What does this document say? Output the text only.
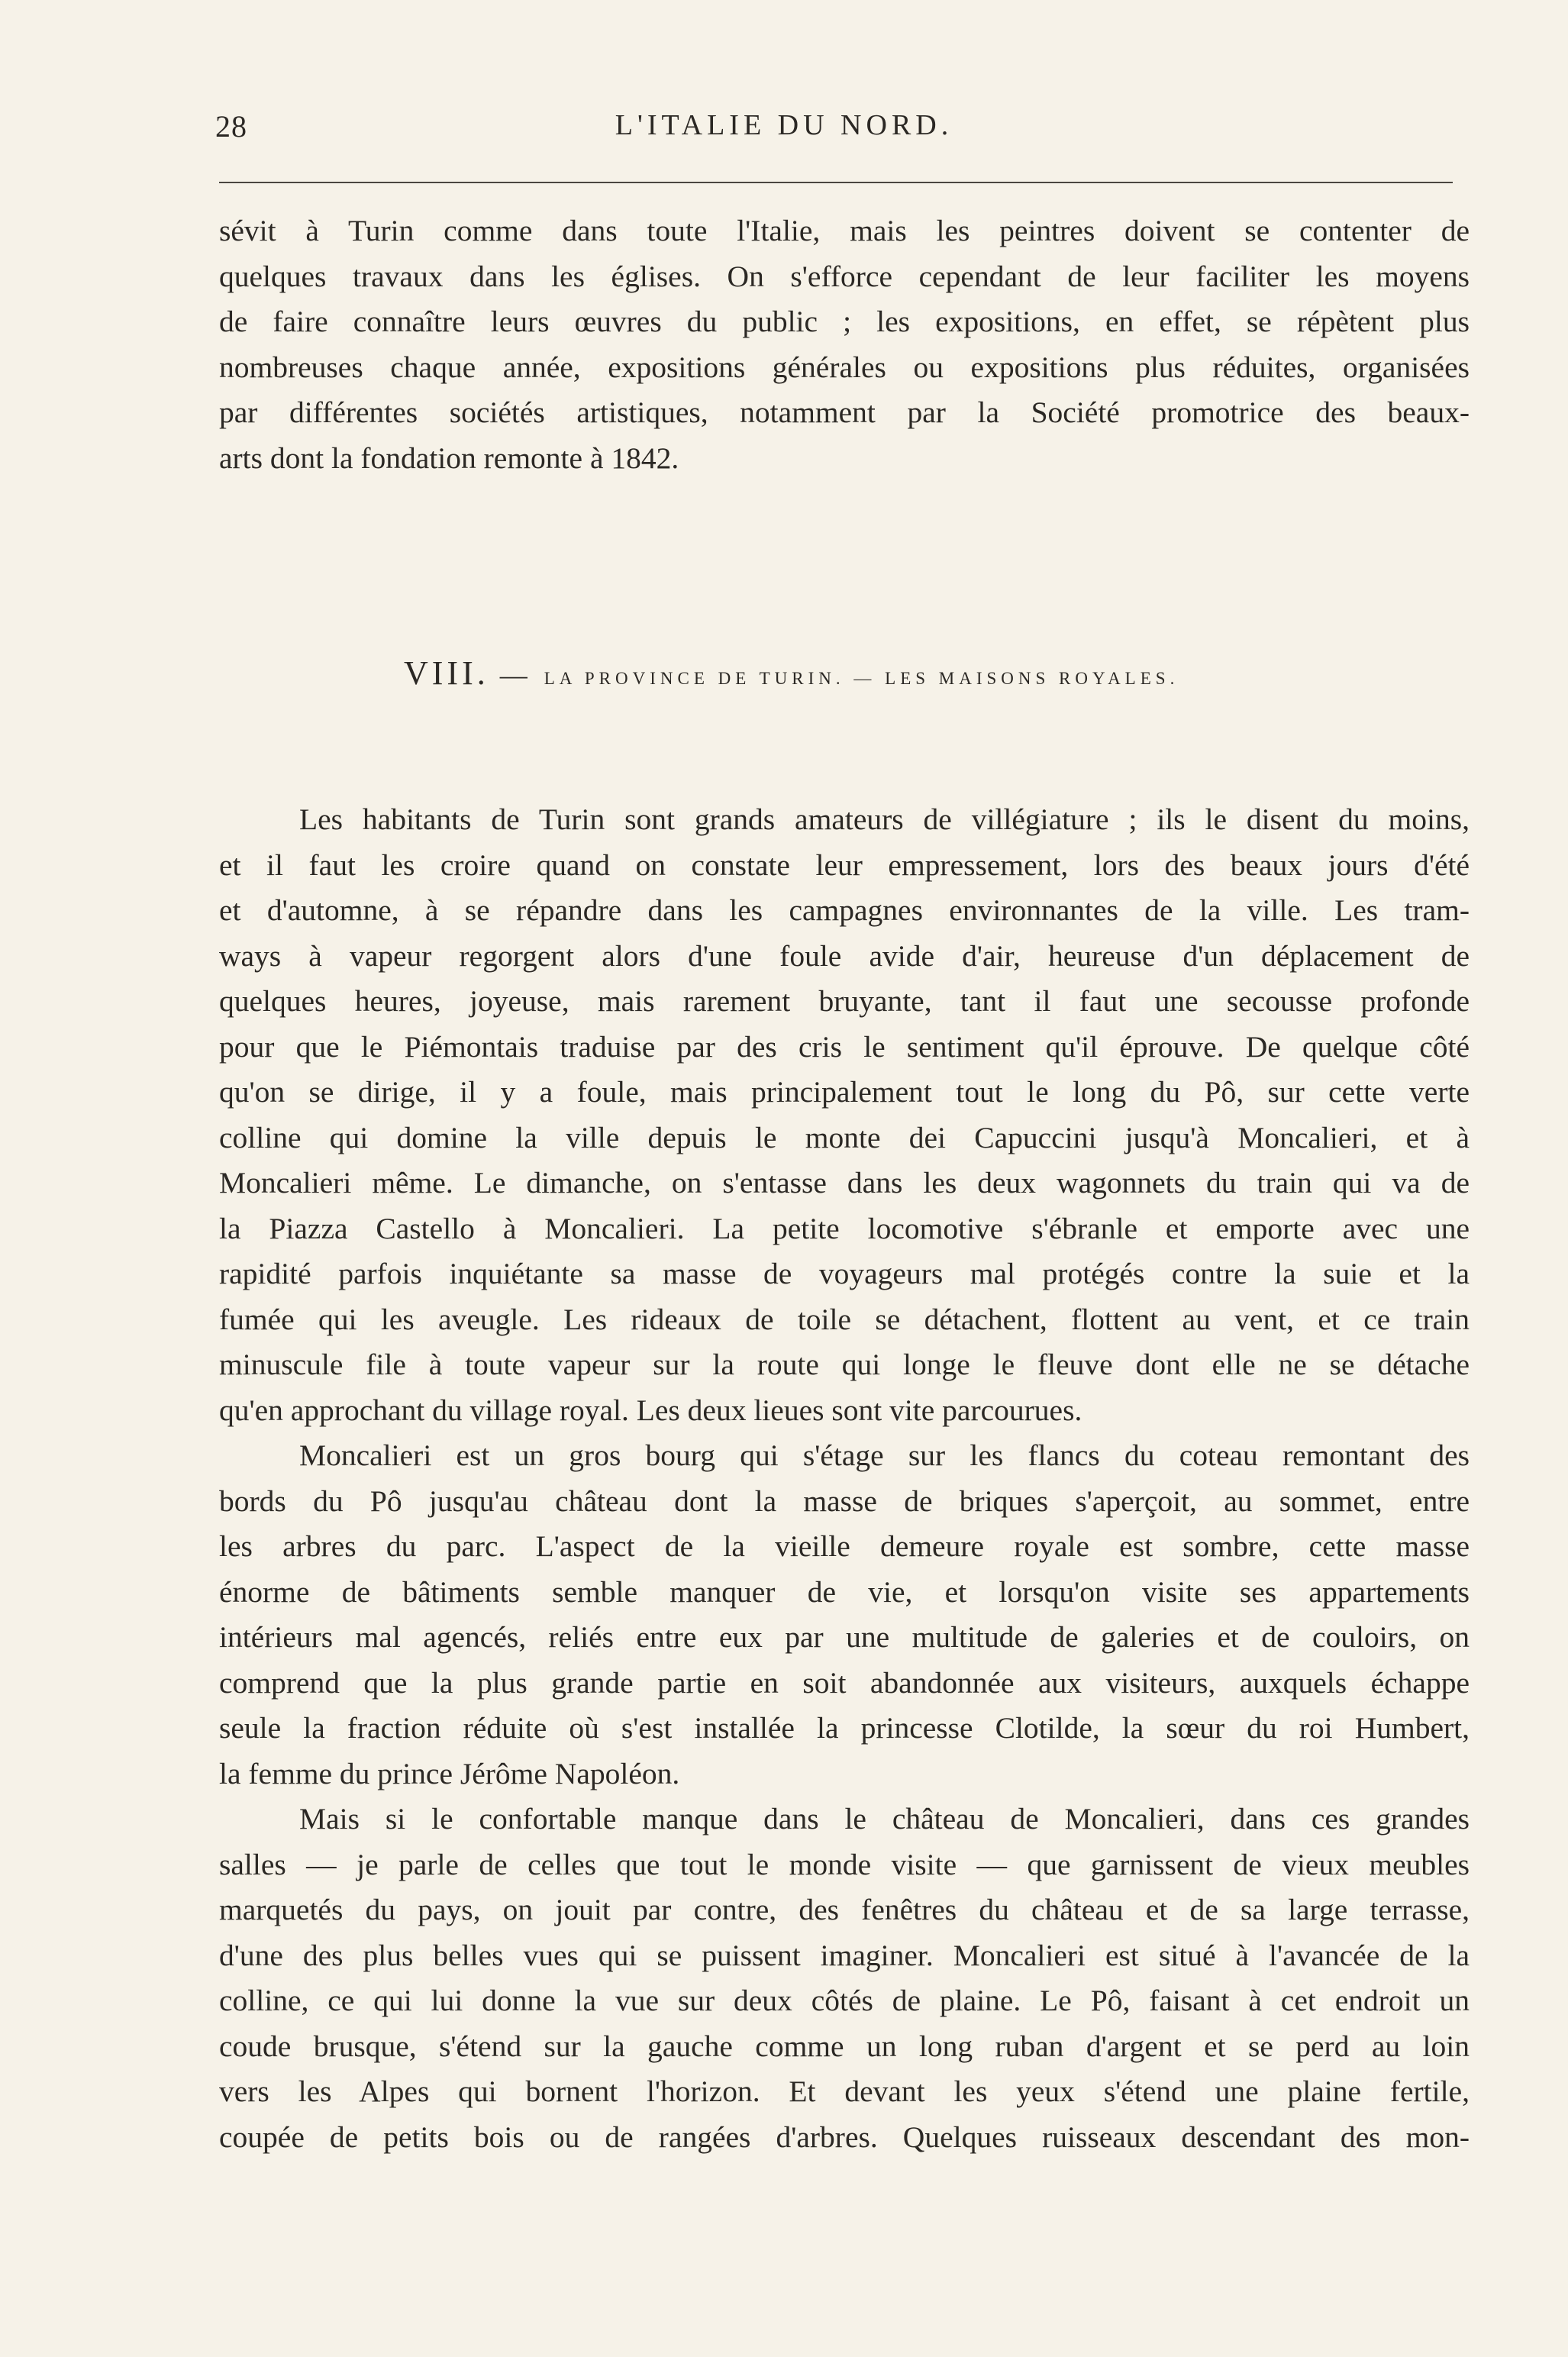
28	L'ITALIE DU NORD.
sévit à Turin comme dans toute l'Italie, mais les peintres doivent se contenter de
quelques travaux dans les églises. On s'efforce cependant de leur faciliter les moyens
de faire connaître leurs œuvres du public ; les expositions, en effet, se répètent plus
nombreuses chaque année, expositions générales ou expositions plus réduites, organisées
par différentes sociétés artistiques, notamment par la Société promotrice des beaux-
arts dont la fondation remonte à 1842.
VIII. — LA PROVINCE DE TURIN. — LES MAISONS ROYALES.
Les habitants de Turin sont grands amateurs de villégiature ; ils le disent du moins,
et il faut les croire quand on constate leur empressement, lors des beaux jours d'été
et d'automne, à se répandre dans les campagnes environnantes de la ville. Les tram-
ways à vapeur regorgent alors d'une foule avide d'air, heureuse d'un déplacement de
quelques heures, joyeuse, mais rarement bruyante, tant il faut une secousse profonde
pour que le Piémontais traduise par des cris le sentiment qu'il éprouve. De quelque côté
qu'on se dirige, il y a foule, mais principalement tout le long du Pô, sur cette verte
colline qui domine la ville depuis le monte dei Capuccini jusqu'à Moncalieri, et à
Moncalieri même. Le dimanche, on s'entasse dans les deux wagonnets du train qui va de
la Piazza Castello à Moncalieri. La petite locomotive s'ébranle et emporte avec une
rapidité parfois inquiétante sa masse de voyageurs mal protégés contre la suie et la
fumée qui les aveugle. Les rideaux de toile se détachent, flottent au vent, et ce train
minuscule file à toute vapeur sur la route qui longe le fleuve dont elle ne se détache
qu'en approchant du village royal. Les deux lieues sont vite parcourues.
Moncalieri est un gros bourg qui s'étage sur les flancs du coteau remontant des
bords du Pô jusqu'au château dont la masse de briques s'aperçoit, au sommet, entre
les arbres du parc. L'aspect de la vieille demeure royale est sombre, cette masse
énorme de bâtiments semble manquer de vie, et lorsqu'on visite ses appartements
intérieurs mal agencés, reliés entre eux par une multitude de galeries et de couloirs, on
comprend que la plus grande partie en soit abandonnée aux visiteurs, auxquels échappe
seule la fraction réduite où s'est installée la princesse Clotilde, la sœur du roi Humbert,
la femme du prince Jérôme Napoléon.
Mais si le confortable manque dans le château de Moncalieri, dans ces grandes
salles — je parle de celles que tout le monde visite — que garnissent de vieux meubles
marquetés du pays, on jouit par contre, des fenêtres du château et de sa large terrasse,
d'une des plus belles vues qui se puissent imaginer. Moncalieri est situé à l'avancée de la
colline, ce qui lui donne la vue sur deux côtés de plaine. Le Pô, faisant à cet endroit un
coude brusque, s'étend sur la gauche comme un long ruban d'argent et se perd au loin
vers les Alpes qui bornent l'horizon. Et devant les yeux s'étend une plaine fertile,
coupée de petits bois ou de rangées d'arbres. Quelques ruisseaux descendant des mon-
